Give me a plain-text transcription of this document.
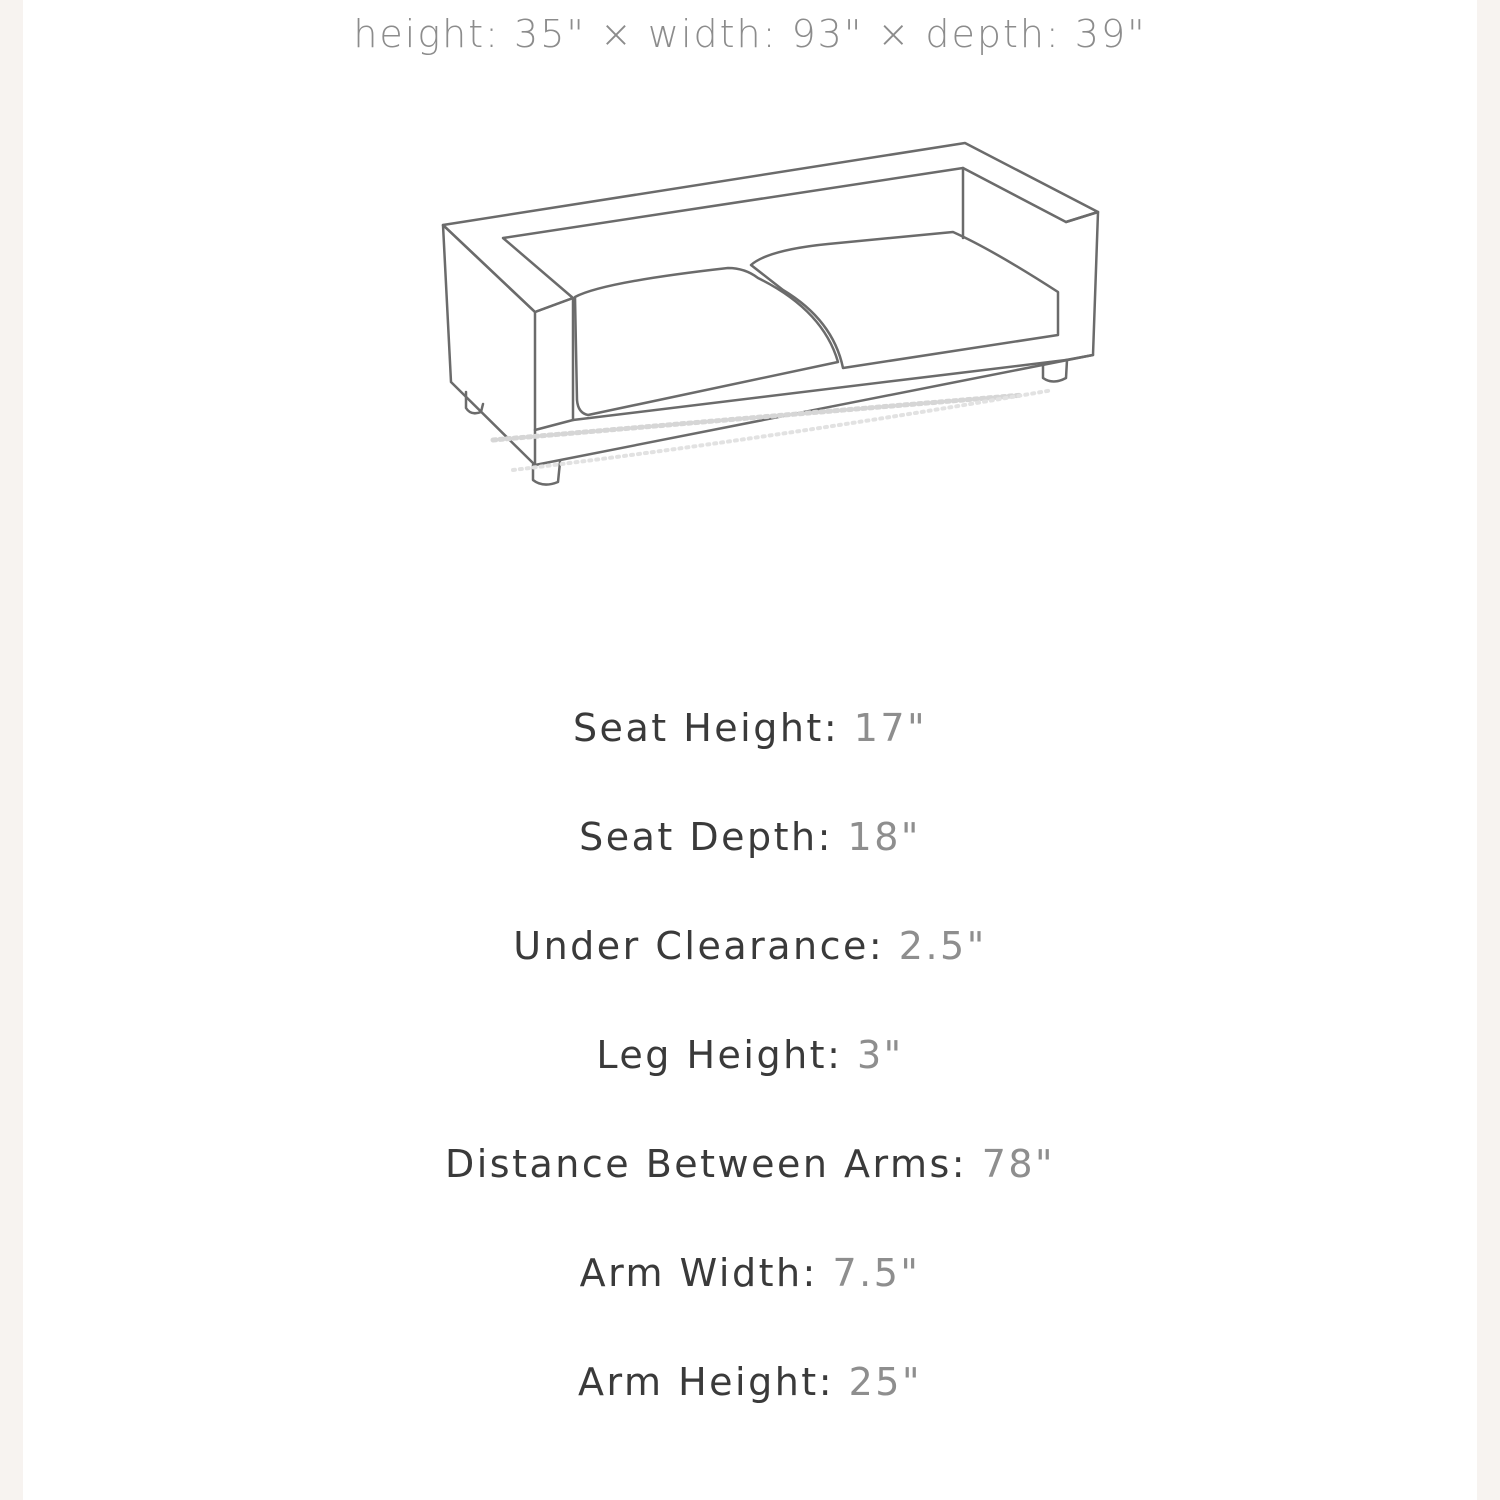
height: 35" × width: 93" × depth: 39"
Seat Height: 17"
Seat Depth: 18"
Under Clearance: 2.5"
Leg Height: 3"
Distance Between Arms: 78"
Arm Width: 7.5"
Arm Height: 25"
